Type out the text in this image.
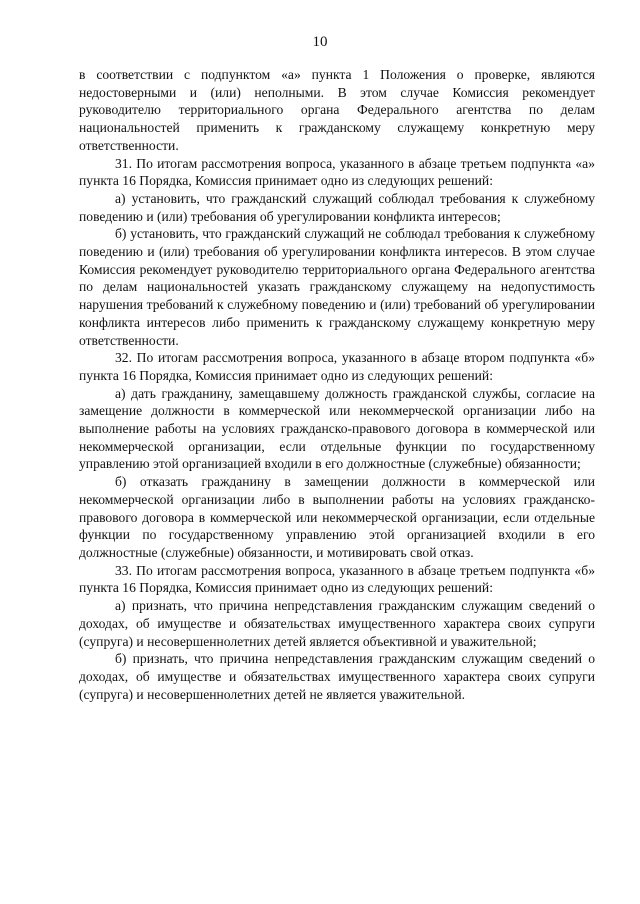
10

в соответствии с подпунктом «а» пункта 1 Положения о проверке, являются недостоверными и (или) неполными. В этом случае Комиссия рекомендует руководителю территориального органа Федерального агентства по делам национальностей применить к гражданскому служащему конкретную меру ответственности.

31. По итогам рассмотрения вопроса, указанного в абзаце третьем подпункта «а» пункта 16 Порядка, Комиссия принимает одно из следующих решений:

а) установить, что гражданский служащий соблюдал требования к служебному поведению и (или) требования об урегулировании конфликта интересов;

б) установить, что гражданский служащий не соблюдал требования к служебному поведению и (или) требования об урегулировании конфликта интересов. В этом случае Комиссия рекомендует руководителю территориального органа Федерального агентства по делам национальностей указать гражданскому служащему на недопустимость нарушения требований к служебному поведению и (или) требований об урегулировании конфликта интересов либо применить к гражданскому служащему конкретную меру ответственности.

32. По итогам рассмотрения вопроса, указанного в абзаце втором подпункта «б» пункта 16 Порядка, Комиссия принимает одно из следующих решений:

а) дать гражданину, замещавшему должность гражданской службы, согласие на замещение должности в коммерческой или некоммерческой организации либо на выполнение работы на условиях гражданско-правового договора в коммерческой или некоммерческой организации, если отдельные функции по государственному управлению этой организацией входили в его должностные (служебные) обязанности;

б) отказать гражданину в замещении должности в коммерческой или некоммерческой организации либо в выполнении работы на условиях гражданско-правового договора в коммерческой или некоммерческой организации, если отдельные функции по государственному управлению этой организацией входили в его должностные (служебные) обязанности, и мотивировать свой отказ.

33. По итогам рассмотрения вопроса, указанного в абзаце третьем подпункта «б» пункта 16 Порядка, Комиссия принимает одно из следующих решений:

а) признать, что причина непредставления гражданским служащим сведений о доходах, об имуществе и обязательствах имущественного характера своих супруги (супруга) и несовершеннолетних детей является объективной и уважительной;

б) признать, что причина непредставления гражданским служащим сведений о доходах, об имуществе и обязательствах имущественного характера своих супруги (супруга) и несовершеннолетних детей не является уважительной.
